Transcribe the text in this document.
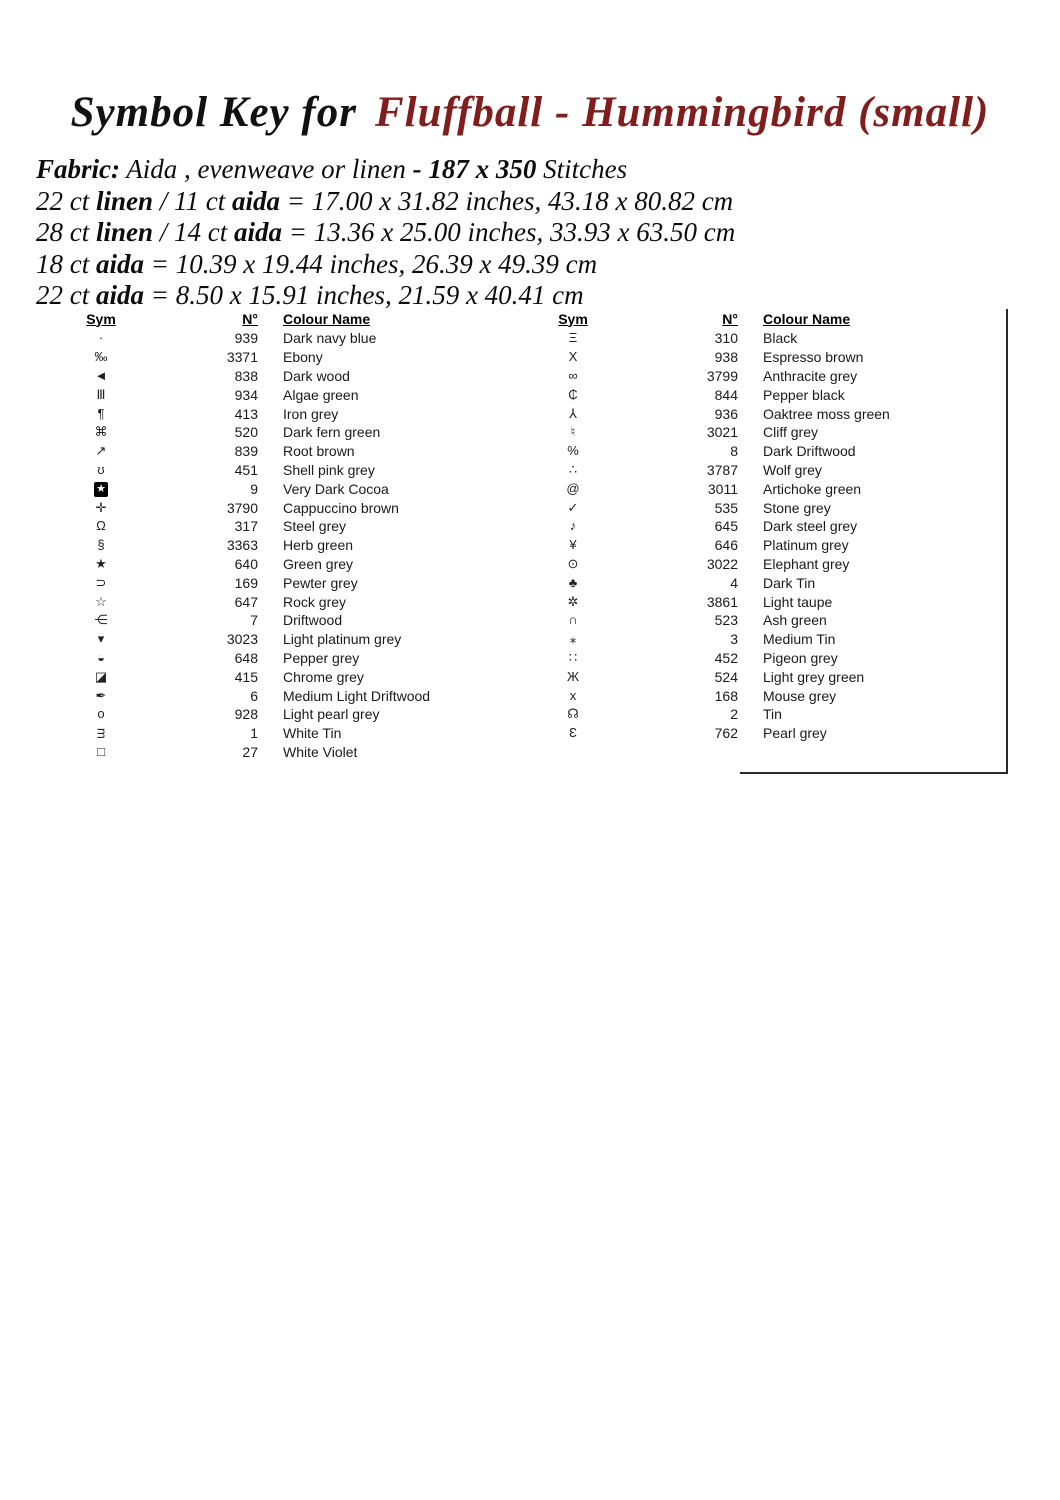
Symbol Key for Fluffball - Hummingbird (small)
Fabric: Aida , evenweave or linen - 187 x 350 Stitches
22 ct linen / 11 ct aida = 17.00 x 31.82 inches, 43.18 x 80.82 cm
28 ct linen / 14 ct aida = 13.36 x 25.00 inches, 33.93 x 63.50 cm
18 ct aida = 10.39 x 19.44 inches, 26.39 x 49.39 cm
22 ct aida = 8.50 x 15.91 inches, 21.59 x 40.41 cm
Sym	N°	Colour Name
·	939	Dark navy blue
‰	3371	Ebony
◄	838	Dark wood
Ⅲ	934	Algae green
¶	413	Iron grey
⌘	520	Dark fern green
↗	839	Root brown
ʊ	451	Shell pink grey
★	9	Very Dark Cocoa
✛	3790	Cappuccino brown
Ω	317	Steel grey
§	3363	Herb green
★	640	Green grey
⊃	169	Pewter grey
☆	647	Rock grey
⋲	7	Driftwood
▾	3023	Light platinum grey
◒	648	Pepper grey
◪	415	Chrome grey
✒	6	Medium Light Driftwood
o	928	Light pearl grey
ᴟ	1	White Tin
□	27	White Violet
Sym	N°	Colour Name
Ξ	310	Black
X	938	Espresso brown
∞	3799	Anthracite grey
₵	844	Pepper black
⅄	936	Oaktree moss green
♮	3021	Cliff grey
%	8	Dark Driftwood
∴	3787	Wolf grey
@	3011	Artichoke green
✓	535	Stone grey
♪	645	Dark steel grey
¥	646	Platinum grey
⊙	3022	Elephant grey
♣	4	Dark Tin
✲	3861	Light taupe
∩	523	Ash green
⁎	3	Medium Tin
∷	452	Pigeon grey
Ж	524	Light grey green
x	168	Mouse grey
☊	2	Tin
Ɛ	762	Pearl grey
